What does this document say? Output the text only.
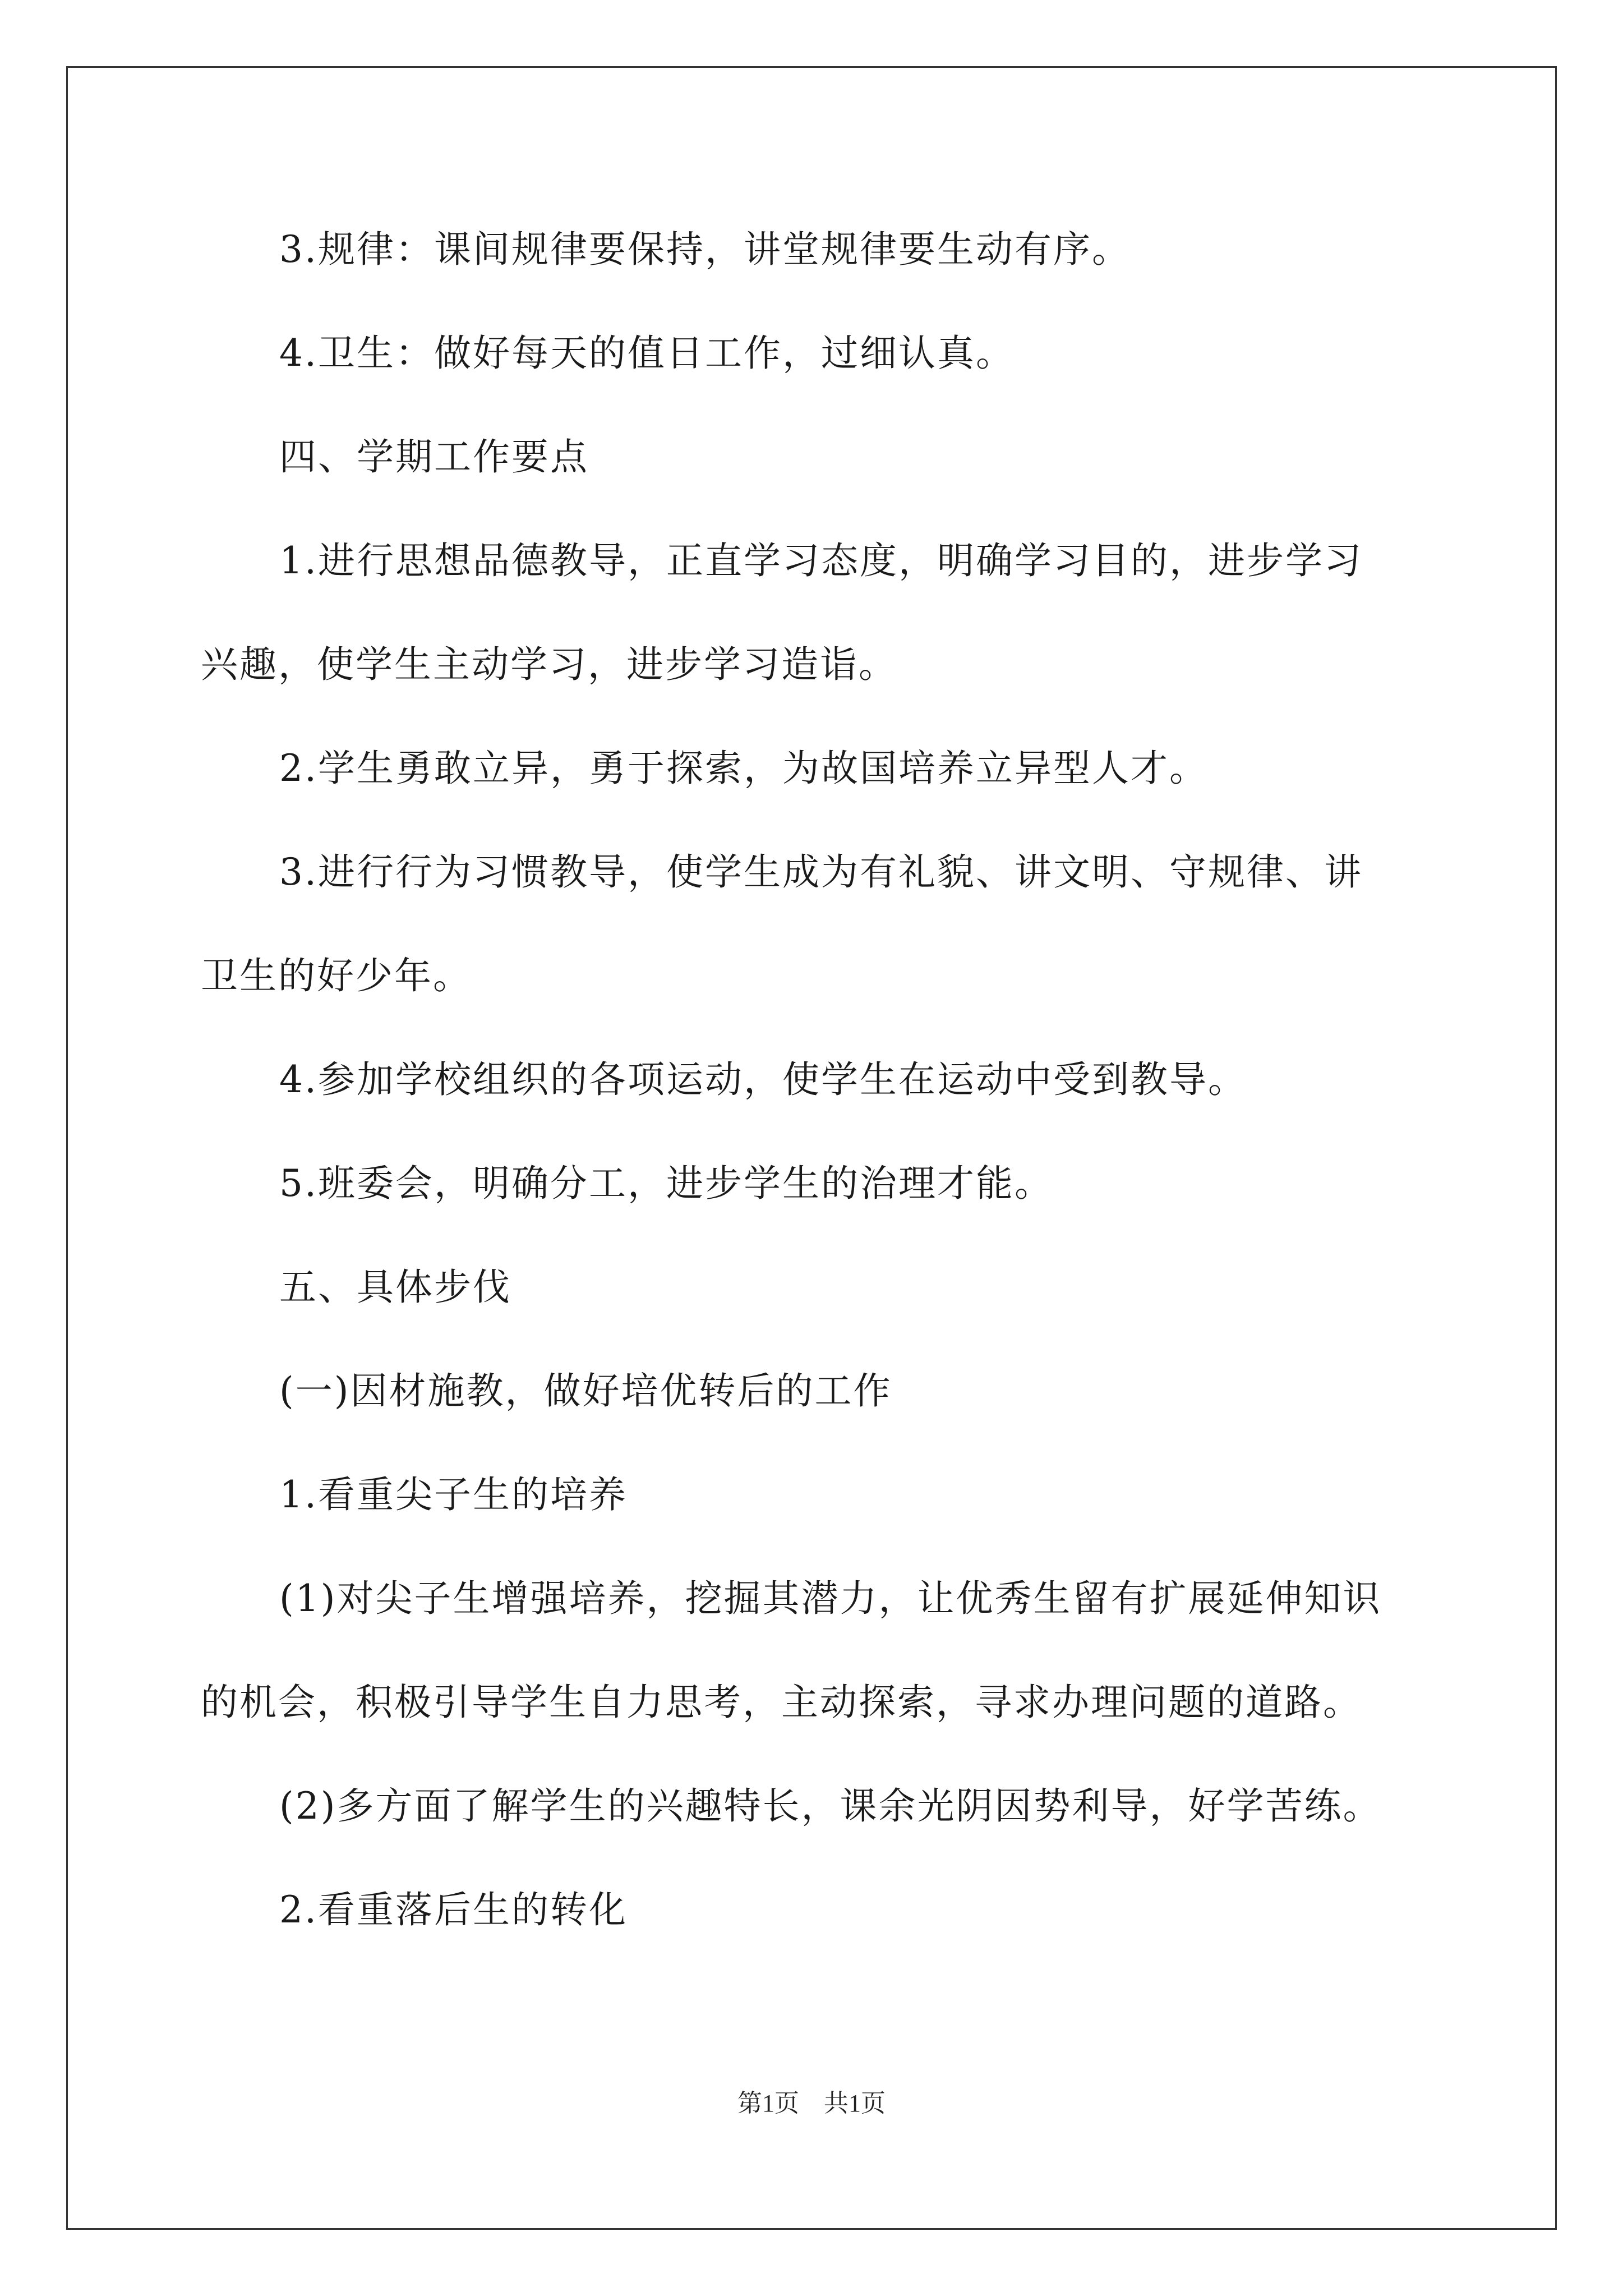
3.规律：课间规律要保持，讲堂规律要生动有序。
4.卫生：做好每天的值日工作，过细认真。
四、学期工作要点
1.进行思想品德教导，正直学习态度，明确学习目的，进步学习
兴趣，使学生主动学习，进步学习造诣。
2.学生勇敢立异，勇于探索，为故国培养立异型人才。
3.进行行为习惯教导，使学生成为有礼貌、讲文明、守规律、讲
卫生的好少年。
4.参加学校组织的各项运动，使学生在运动中受到教导。
5.班委会，明确分工，进步学生的治理才能。
五、具体步伐
(一)因材施教，做好培优转后的工作
1.看重尖子生的培养
(1)对尖子生增强培养，挖掘其潜力，让优秀生留有扩展延伸知识
的机会，积极引导学生自力思考，主动探索，寻求办理问题的道路。
(2)多方面了解学生的兴趣特长，课余光阴因势利导，好学苦练。
2.看重落后生的转化
第1页　共1页
